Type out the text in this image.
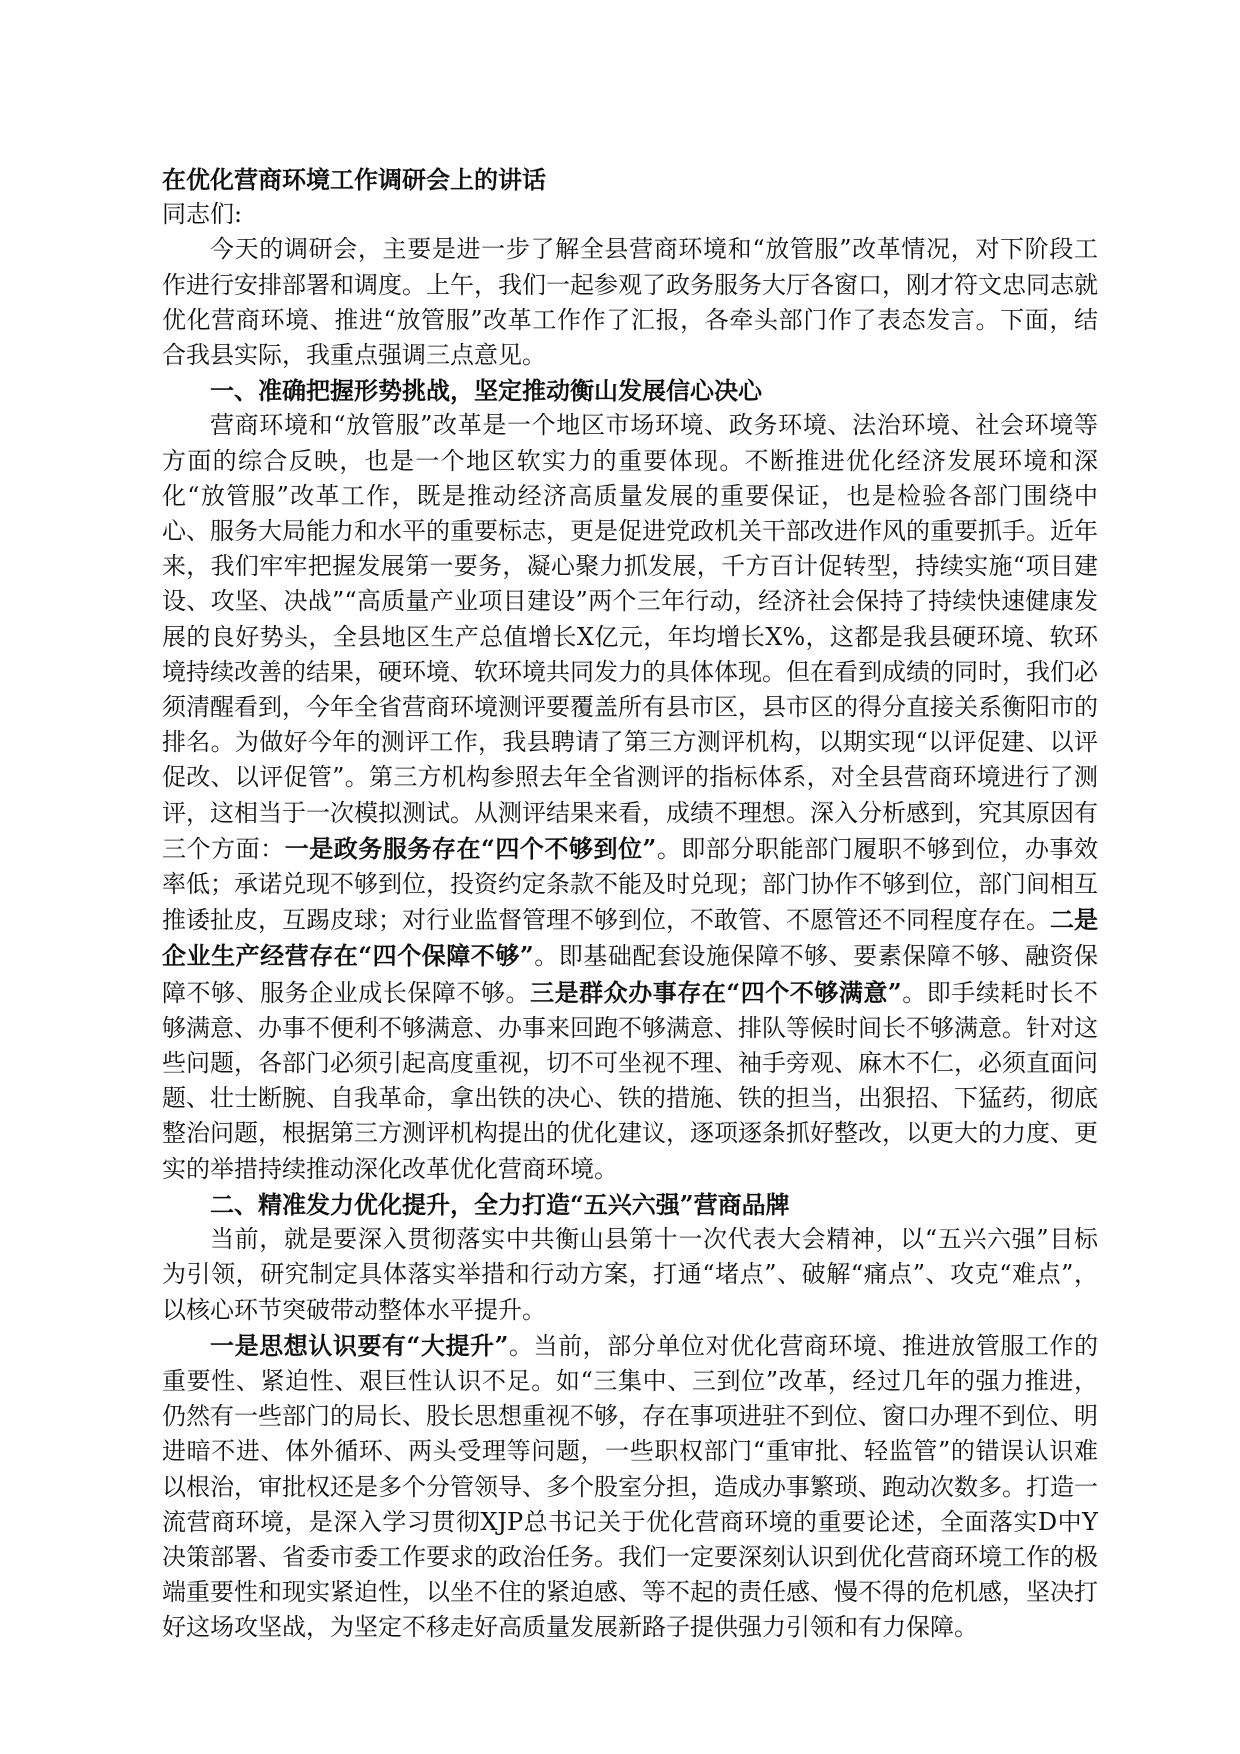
在优化营商环境工作调研会上的讲话

同志们:

今天的调研会，主要是进一步了解全县营商环境和“放管服”改革情况，对下阶段工作进行安排部署和调度。上午，我们一起参观了政务服务大厅各窗口，刚才符文忠同志就优化营商环境、推进“放管服”改革工作作了汇报，各牵头部门作了表态发言。下面，结合我县实际，我重点强调三点意见。

一、准确把握形势挑战，坚定推动衡山发展信心决心

营商环境和“放管服”改革是一个地区市场环境、政务环境、法治环境、社会环境等方面的综合反映，也是一个地区软实力的重要体现。不断推进优化经济发展环境和深化“放管服”改革工作，既是推动经济高质量发展的重要保证，也是检验各部门围绕中心、服务大局能力和水平的重要标志，更是促进党政机关干部改进作风的重要抓手。近年来，我们牢牢把握发展第一要务，凝心聚力抓发展，千方百计促转型，持续实施“项目建设、攻坚、决战”“高质量产业项目建设”两个三年行动，经济社会保持了持续快速健康发展的良好势头，全县地区生产总值增长X亿元，年均增长X%，这都是我县硬环境、软环境持续改善的结果，硬环境、软环境共同发力的具体体现。但在看到成绩的同时，我们必须清醒看到，今年全省营商环境测评要覆盖所有县市区，县市区的得分直接关系衡阳市的排名。为做好今年的测评工作，我县聘请了第三方测评机构，以期实现“以评促建、以评促改、以评促管”。第三方机构参照去年全省测评的指标体系，对全县营商环境进行了测评，这相当于一次模拟测试。从测评结果来看，成绩不理想。深入分析感到，究其原因有三个方面：一是政务服务存在“四个不够到位”。即部分职能部门履职不够到位，办事效率低；承诺兑现不够到位，投资约定条款不能及时兑现；部门协作不够到位，部门间相互推诿扯皮，互踢皮球；对行业监督管理不够到位，不敢管、不愿管还不同程度存在。二是企业生产经营存在“四个保障不够”。即基础配套设施保障不够、要素保障不够、融资保障不够、服务企业成长保障不够。三是群众办事存在“四个不够满意”。即手续耗时长不够满意、办事不便利不够满意、办事来回跑不够满意、排队等候时间长不够满意。针对这些问题，各部门必须引起高度重视，切不可坐视不理、袖手旁观、麻木不仁，必须直面问题、壮士断腕、自我革命，拿出铁的决心、铁的措施、铁的担当，出狠招、下猛药，彻底整治问题，根据第三方测评机构提出的优化建议，逐项逐条抓好整改，以更大的力度、更实的举措持续推动深化改革优化营商环境。

二、精准发力优化提升，全力打造“五兴六强”营商品牌

当前，就是要深入贯彻落实中共衡山县第十一次代表大会精神，以“五兴六强”目标为引领，研究制定具体落实举措和行动方案，打通“堵点”、破解“痛点”、攻克“难点”，以核心环节突破带动整体水平提升。

一是思想认识要有“大提升”。当前，部分单位对优化营商环境、推进放管服工作的重要性、紧迫性、艰巨性认识不足。如“三集中、三到位”改革，经过几年的强力推进，仍然有一些部门的局长、股长思想重视不够，存在事项进驻不到位、窗口办理不到位、明进暗不进、体外循环、两头受理等问题，一些职权部门“重审批、轻监管”的错误认识难以根治，审批权还是多个分管领导、多个股室分担，造成办事繁琐、跑动次数多。打造一流营商环境，是深入学习贯彻XJP总书记关于优化营商环境的重要论述，全面落实D中Y决策部署、省委市委工作要求的政治任务。我们一定要深刻认识到优化营商环境工作的极端重要性和现实紧迫性，以坐不住的紧迫感、等不起的责任感、慢不得的危机感，坚决打好这场攻坚战，为坚定不移走好高质量发展新路子提供强力引领和有力保障。
